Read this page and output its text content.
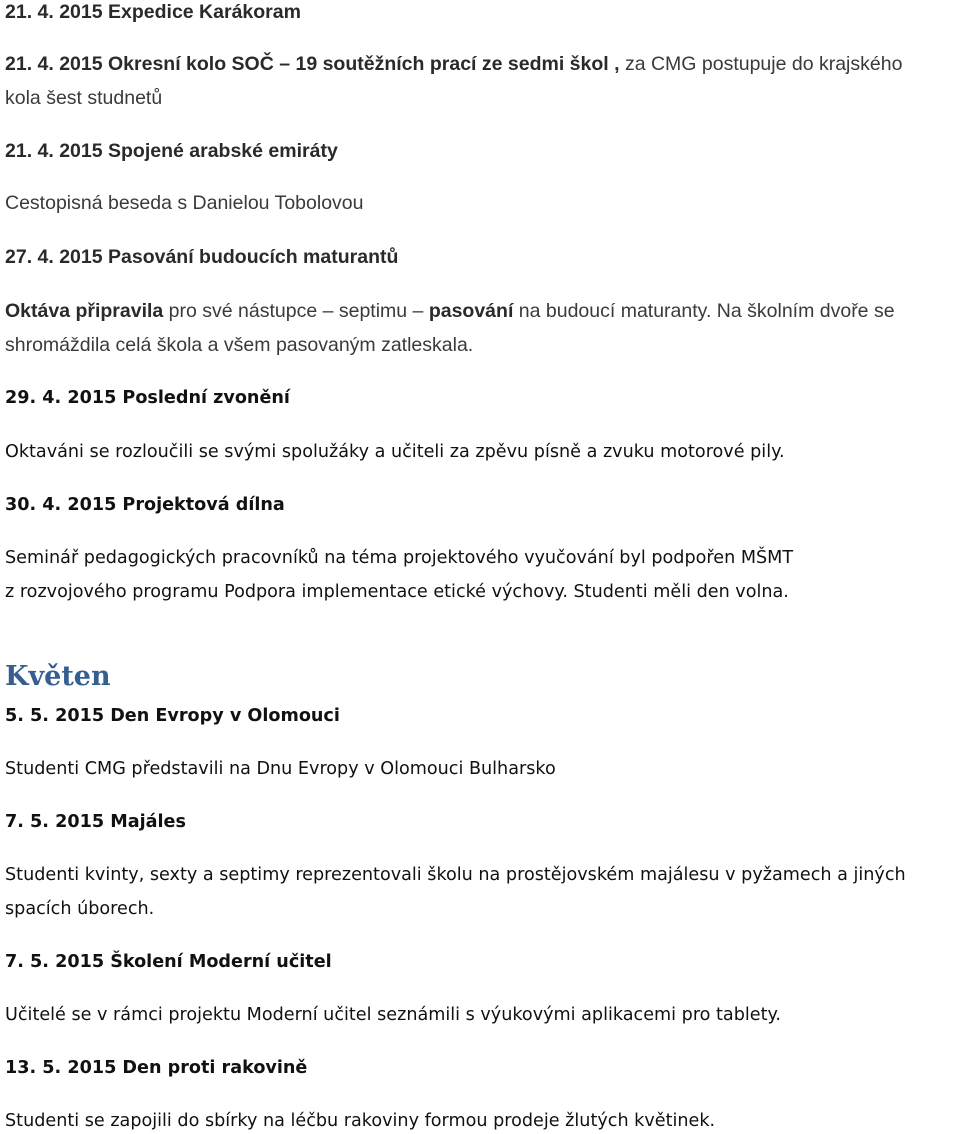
21. 4. 2015 Expedice Karákoram
21. 4. 2015 Okresní kolo SOČ – 19 soutěžních prací ze sedmi škol , za CMG postupuje do krajského
kola šest studnetů
21. 4. 2015 Spojené arabské emiráty
Cestopisná beseda s Danielou Tobolovou
27. 4. 2015 Pasování budoucích maturantů
Oktáva připravila pro své nástupce – septimu – pasování na budoucí maturanty. Na školním dvoře se
shromáždila celá škola a všem pasovaným zatleskala.
29. 4. 2015 Poslední zvonění
Oktaváni se rozloučili se svými spolužáky a učiteli za zpěvu písně a zvuku motorové pily.
30. 4. 2015 Projektová dílna
Seminář pedagogických pracovníků na téma projektového vyučování byl podpořen MŠMT
z rozvojového programu Podpora implementace etické výchovy. Studenti měli den volna.
Květen
5. 5. 2015 Den Evropy v Olomouci
Studenti CMG představili na Dnu Evropy v Olomouci Bulharsko
7. 5. 2015 Majáles
Studenti kvinty, sexty a septimy reprezentovali školu na prostějovském majálesu v pyžamech a jiných
spacích úborech.
7. 5. 2015 Školení Moderní učitel
Učitelé se v rámci projektu Moderní učitel seznámili s výukovými aplikacemi pro tablety.
13. 5. 2015 Den proti rakovině
Studenti se zapojili do sbírky na léčbu rakoviny formou prodeje žlutých květinek.
